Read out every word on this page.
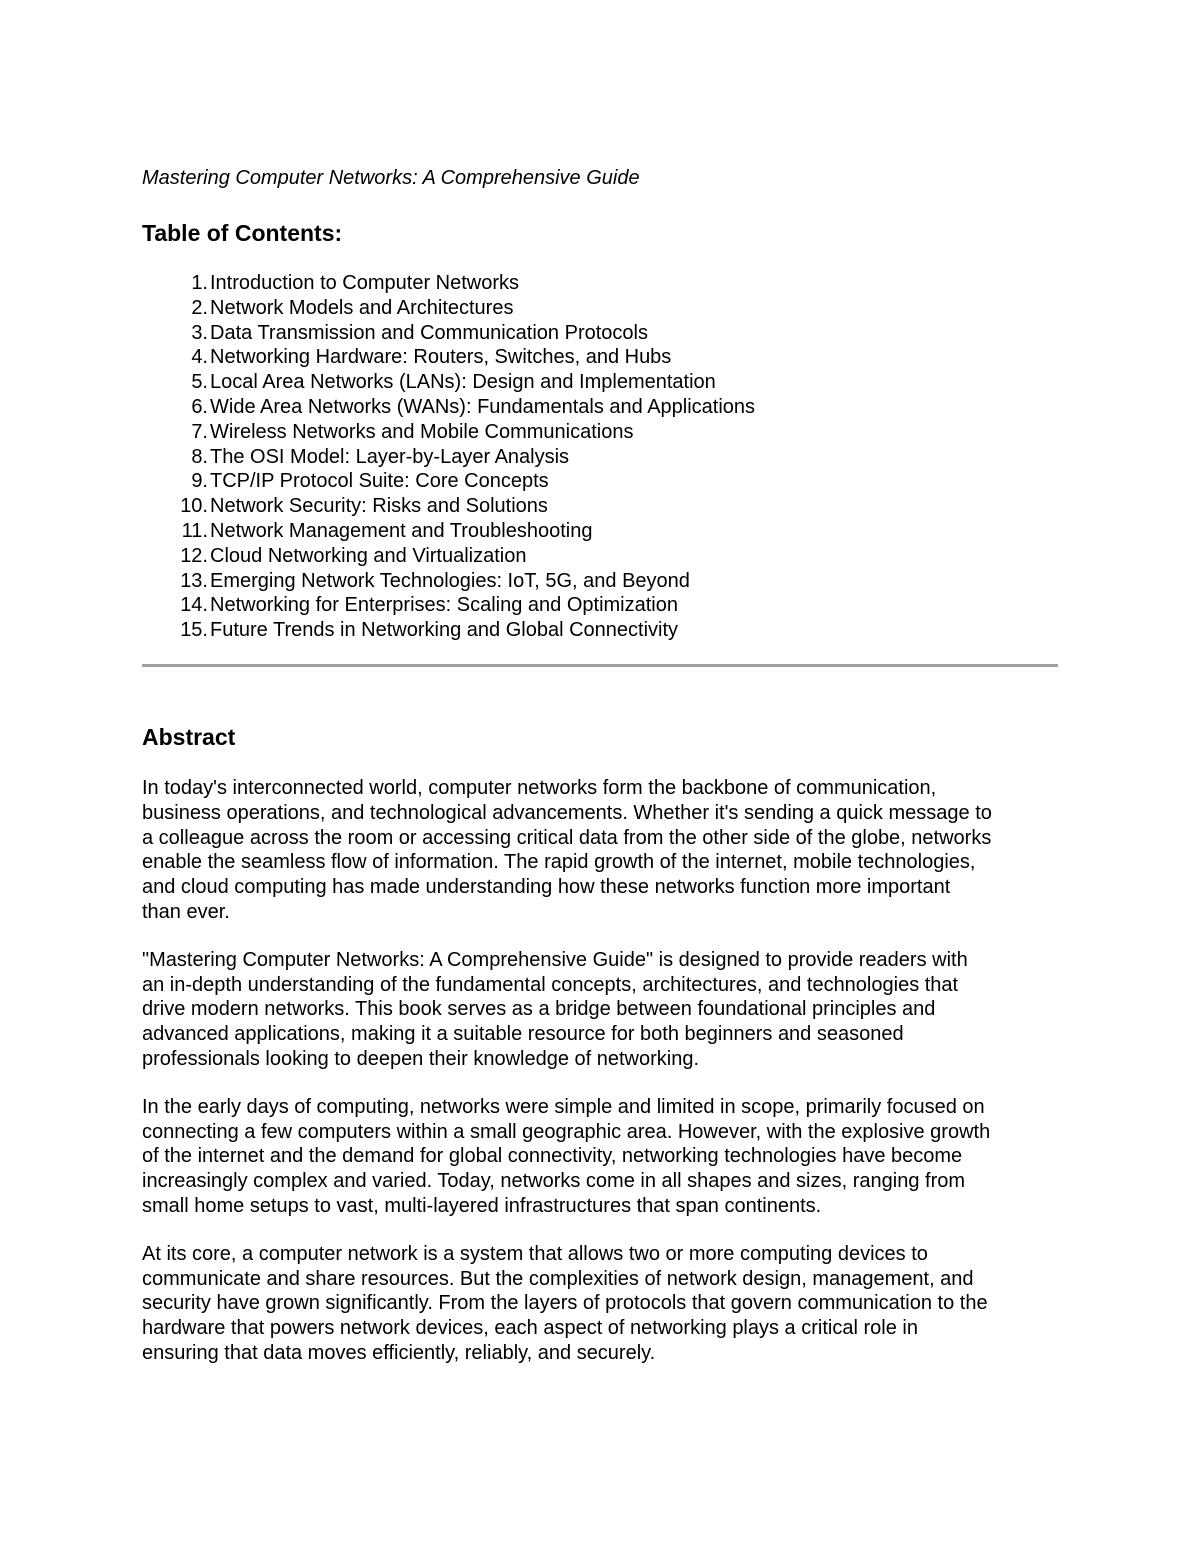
Mastering Computer Networks: A Comprehensive Guide

Table of Contents:
1. Introduction to Computer Networks
2. Network Models and Architectures
3. Data Transmission and Communication Protocols
4. Networking Hardware: Routers, Switches, and Hubs
5. Local Area Networks (LANs): Design and Implementation
6. Wide Area Networks (WANs): Fundamentals and Applications
7. Wireless Networks and Mobile Communications
8. The OSI Model: Layer-by-Layer Analysis
9. TCP/IP Protocol Suite: Core Concepts
10. Network Security: Risks and Solutions
11. Network Management and Troubleshooting
12. Cloud Networking and Virtualization
13. Emerging Network Technologies: IoT, 5G, and Beyond
14. Networking for Enterprises: Scaling and Optimization
15. Future Trends in Networking and Global Connectivity
Abstract

In today's interconnected world, computer networks form the backbone of communication,
business operations, and technological advancements. Whether it's sending a quick message to
a colleague across the room or accessing critical data from the other side of the globe, networks
enable the seamless flow of information. The rapid growth of the internet, mobile technologies,
and cloud computing has made understanding how these networks function more important
than ever.

"Mastering Computer Networks: A Comprehensive Guide" is designed to provide readers with
an in-depth understanding of the fundamental concepts, architectures, and technologies that
drive modern networks. This book serves as a bridge between foundational principles and
advanced applications, making it a suitable resource for both beginners and seasoned
professionals looking to deepen their knowledge of networking.

In the early days of computing, networks were simple and limited in scope, primarily focused on
connecting a few computers within a small geographic area. However, with the explosive growth
of the internet and the demand for global connectivity, networking technologies have become
increasingly complex and varied. Today, networks come in all shapes and sizes, ranging from
small home setups to vast, multi-layered infrastructures that span continents.

At its core, a computer network is a system that allows two or more computing devices to
communicate and share resources. But the complexities of network design, management, and
security have grown significantly. From the layers of protocols that govern communication to the
hardware that powers network devices, each aspect of networking plays a critical role in
ensuring that data moves efficiently, reliably, and securely.
